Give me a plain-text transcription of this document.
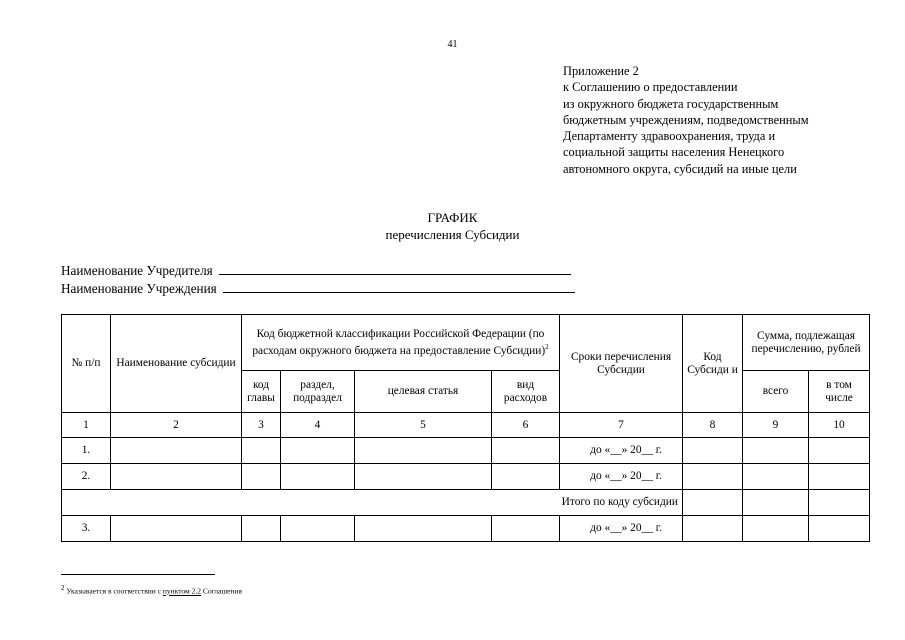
41
Приложение 2
к Соглашению о предоставлении
из окружного бюджета государственным
бюджетным учреждениям, подведомственным
Департаменту здравоохранения, труда и
социальной защиты населения Ненецкого
автономного округа, субсидий на иные цели
ГРАФИК
перечисления Субсидии
Наименование Учредителя
Наименование Учреждения
№ п/п	Наименование субсидии	Код бюджетной классификации Российской Федерации (по расходам окружного бюджета на предоставление Субсидии)$^2$				Сроки перечисления Субсидии	Код Субсиди и	Сумма, подлежащая перечислению, рублей	
		код главы	раздел, подраздел	целевая статья	вид расходов			всего	в том числе
1	2	3	4	5	6	7	8	9	10
1.						до «__» 20__ г.			
2.						до «__» 20__ г.			
Итого по коду субсидии									
3.						до «__» 20__ г.			
$^2$ Указывается в соответствии с пунктом 2.2 Соглашения
